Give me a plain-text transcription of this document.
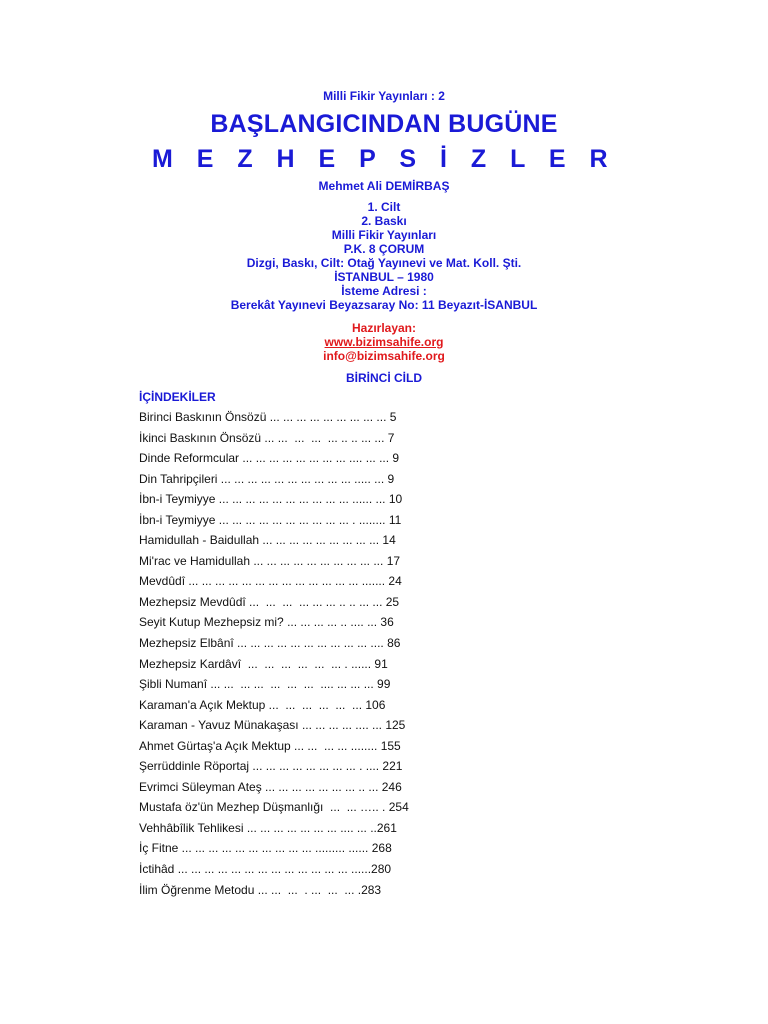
Milli Fikir Yayınları : 2
BAŞLANGICINDAN BUGÜNE
M E Z H E P S İ Z L E R
Mehmet Ali DEMİRBAŞ
1. Cilt
2. Baskı
Milli Fikir Yayınları
P.K. 8 ÇORUM
Dizgi, Baskı, Cilt: Otağ Yayınevi ve Mat. Koll. Şti.
İSTANBUL – 1980
İsteme Adresi :
Berekât Yayınevi Beyazsaray No: 11 Beyazıt-İSANBUL
Hazırlayan:
www.bizimsahife.org
info@bizimsahife.org
BİRİNCİ CİLD
İÇİNDEKİLER
Birinci Baskının Önsözü ... ... ... ... ... ... ... ... ... 5
İkinci Baskının Önsözü ... ...  ...  ...  ... .. .. ... ... 7
Dinde Reformcular ... ... ... ... ... ... ... ... .... ... ... 9
Din Tahripçileri ... ... ... ... ... ... ... ... ... ... ..... ... 9
İbn-i Teymiyye ... ... ... ... ... ... ... ... ... ... ...... ... 10
İbn-i Teymiyye ... ... ... ... ... ... ... ... ... ... . ........ 11
Hamidullah - Baidullah ... ... ... ... ... ... ... ... ... 14
Mi'rac ve Hamidullah ... ... ... ... ... ... ... ... ... ... 17
Mevdûdî ... ... ... ... ... ... ... ... ... ... ... ... ... ....... 24
Mezhepsiz Mevdûdî ...  ...  ...  ... ... ... .. .. ... ... 25
Seyit Kutup Mezhepsiz mi? ... ... ... ... .. .... ... 36
Mezhepsiz Elbânî ... ... ... ... ... ... ... ... ... ... .... 86
Mezhepsiz Kardâvî  ...  ...  ...  ...  ...  ... . ...... 91
Şibli Numanî ... ...  ... ...  ...  ...  ...  .... ... ... ... 99
Karaman'a Açık Mektup ...  ...  ...  ...  ...  ... 106
Karaman - Yavuz Münakaşası ... ... ... ... .... ... 125
Ahmet Gürtaş'a Açık Mektup ... ...  ... ... ........ 155
Şerrüddinle Röportaj ... ... ... ... ... ... ... ... . .... 221
Evrimci Süleyman Ateş ... ... ... ... ... ... ... .. ... 246
Mustafa öz'ün Mezhep Düşmanlığı  ...  ... ….. . 254
Vehhâbîlik Tehlikesi ... ... ... ... ... ... ... .... ... ..261
İç Fitne ... ... ... ... ... ... ... ... ... ... ......... ...... 268
İctihâd ... ... ... ... ... ... ... ... ... ... ... ... ... ......280
İlim Öğrenme Metodu ... ...  ...  . ...  ...  ... .283
